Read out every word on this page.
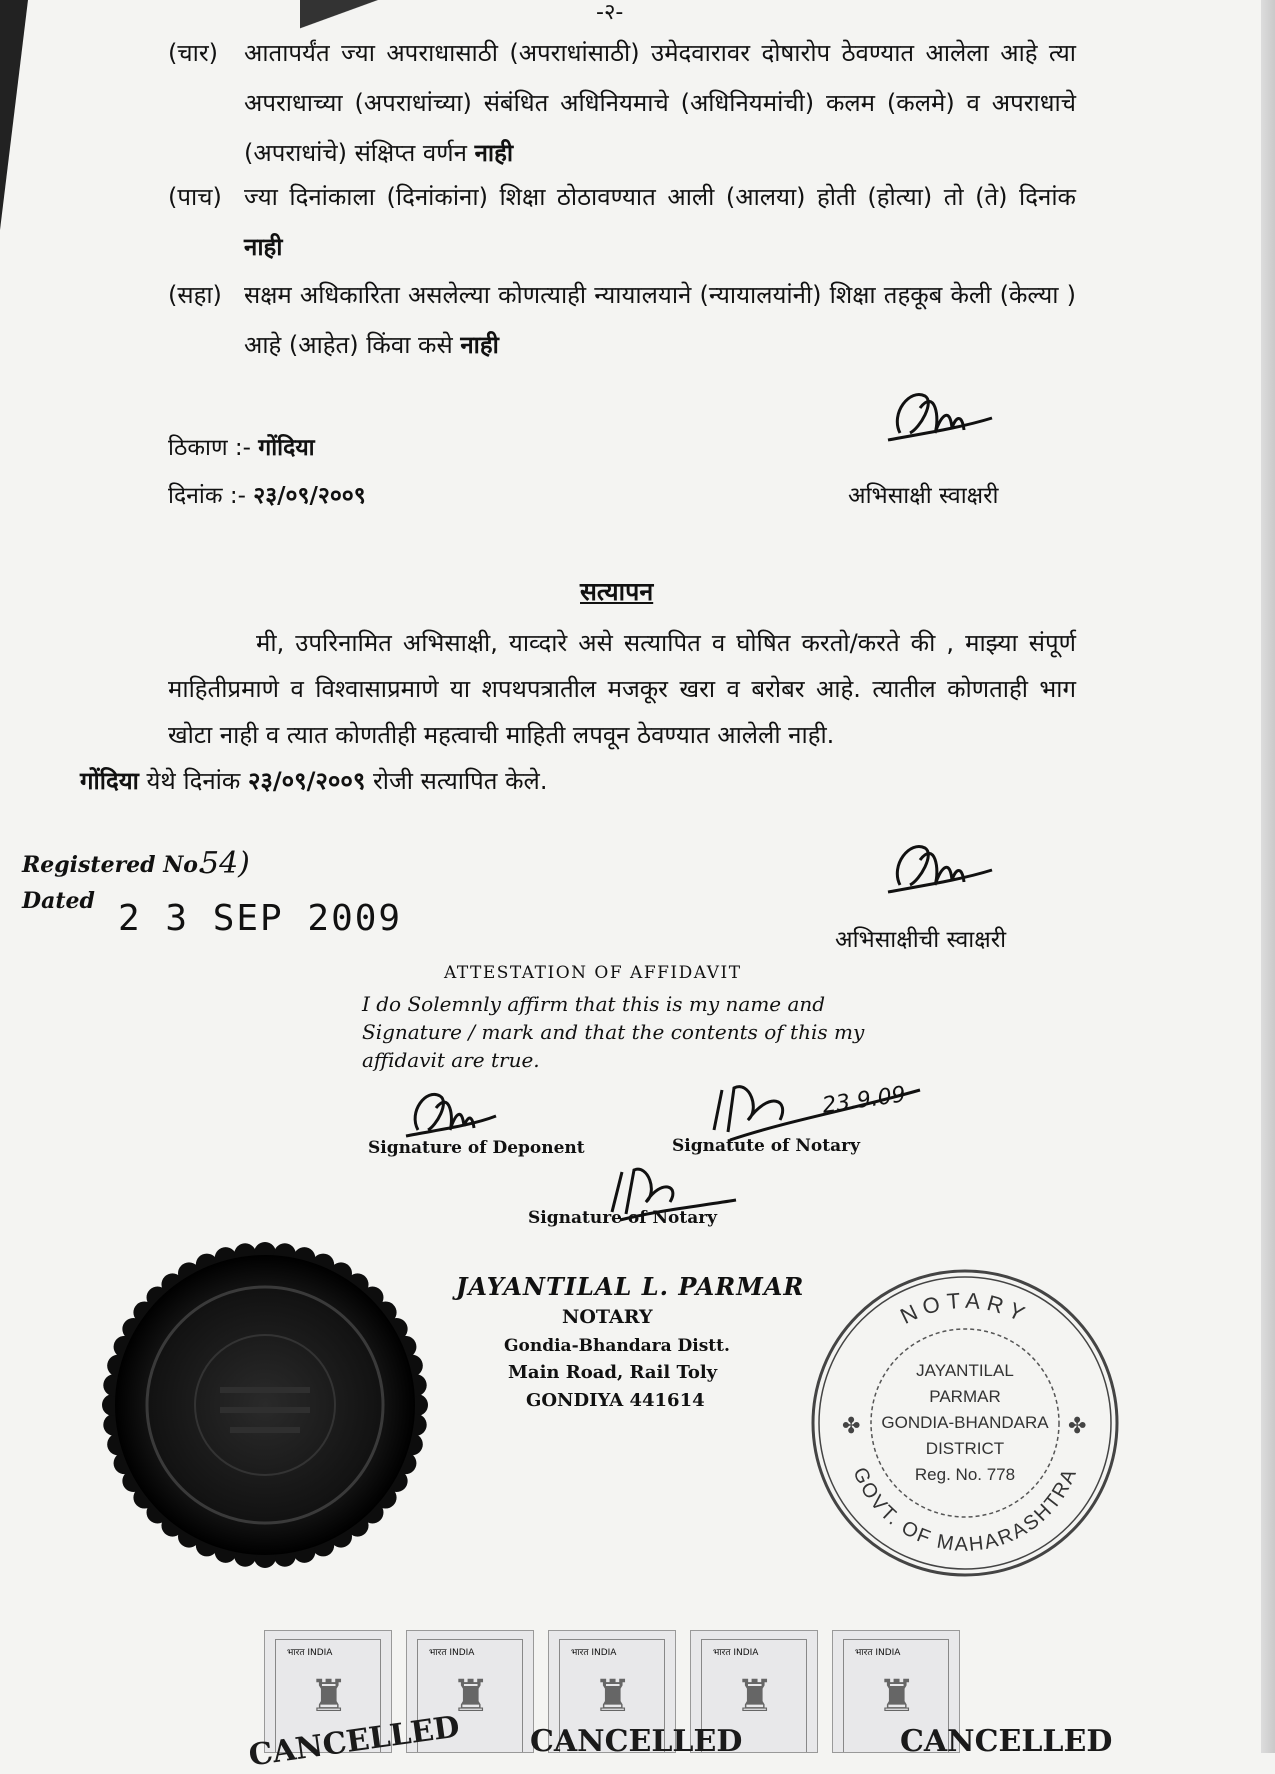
-२-
(चार) आतापर्यंत ज्या अपराधासाठी (अपराधांसाठी) उमेदवारावर दोषारोप ठेवण्यात आलेला आहे त्या अपराधाच्या (अपराधांच्या) संबंधित अधिनियमाचे (अधिनियमांची) कलम (कलमे) व अपराधाचे (अपराधांचे) संक्षिप्त वर्णन नाही
(पाच) ज्या दिनांकाला (दिनांकांना) शिक्षा ठोठावण्यात आली (आलया) होती (होत्या) तो (ते) दिनांक नाही
(सहा) सक्षम अधिकारिता असलेल्या कोणत्याही न्यायालयाने (न्यायालयांनी) शिक्षा तहकूब केली (केल्या ) आहे (आहेत) किंवा कसे नाही
ठिकाण :- गोंदिया
दिनांक :- २३/०९/२००९	अभिसाक्षी स्वाक्षरी
सत्यापन
मी, उपरिनामित अभिसाक्षी, याव्दारे असे सत्यापित व घोषित करतो/करते की , माझ्या संपूर्ण माहितीप्रमाणे व विश्वासाप्रमाणे या शपथपत्रातील मजकूर खरा व बरोबर आहे. त्यातील कोणताही भाग खोटा नाही व त्यात कोणतीही महत्वाची माहिती लपवून ठेवण्यात आलेली नाही.
गोंदिया येथे दिनांक २३/०९/२००९ रोजी सत्यापित केले.
अभिसाक्षीची स्वाक्षरी
Registered No.
54)
Dated 2 3 SEP 2009
ATTESTATION OF AFFIDAVIT
I do Solemnly affirm that this is my name and Signature / mark and that the contents of this my affidavit are true.
Signature of Deponent
23.9.09
Signatute of Notary
Signature of Notary
JAYANTILAL L. PARMAR
NOTARY
Gondia-Bhandara Distt.
Main Road, Rail Toly
GONDIYA 441614
NOTARY
GOVT. OF MAHARASHTRA
✤	✤
JAYANTILAL
PARMAR
GONDIA-BHANDARA
DISTRICT
Reg. No. 778
भारत INDIA
♜
भारत INDIA
♜
भारत INDIA
♜
भारत INDIA
♜
भारत INDIA
♜
CANCELLED CANCELLED	CANCELLED
